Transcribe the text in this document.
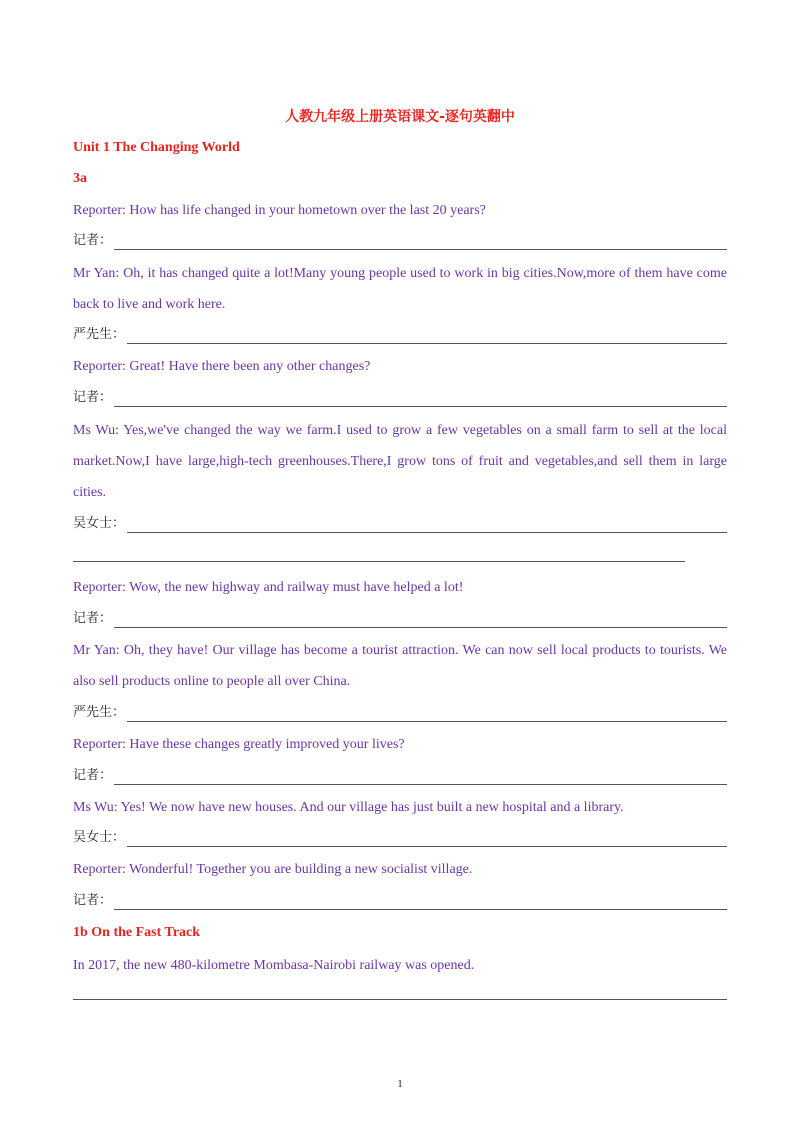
人教九年级上册英语课文-逐句英翻中
Unit 1 The Changing World
3a
Reporter: How has life changed in your hometown over the last 20 years?
记者：
Mr Yan: Oh, it has changed quite a lot!Many young people used to work in big cities.Now,more of them have come
back to live and work here.
严先生：
Reporter: Great! Have there been any other changes?
记者：
Ms Wu: Yes,we've changed the way we farm.I used to grow a few vegetables on a small farm to sell at the local
market.Now,I have large,high-tech greenhouses.There,I grow tons of fruit and vegetables,and sell them in large
cities.
吴女士：
Reporter: Wow, the new highway and railway must have helped a lot!
记者：
Mr Yan: Oh, they have! Our village has become a tourist attraction. We can now sell local products to tourists. We
also sell products online to people all over China.
严先生：
Reporter: Have these changes greatly improved your lives?
记者：
Ms Wu: Yes! We now have new houses. And our village has just built a new hospital and a library.
吴女士：
Reporter: Wonderful! Together you are building a new socialist village.
记者：
1b On the Fast Track
In 2017, the new 480-kilometre Mombasa-Nairobi railway was opened.
1
